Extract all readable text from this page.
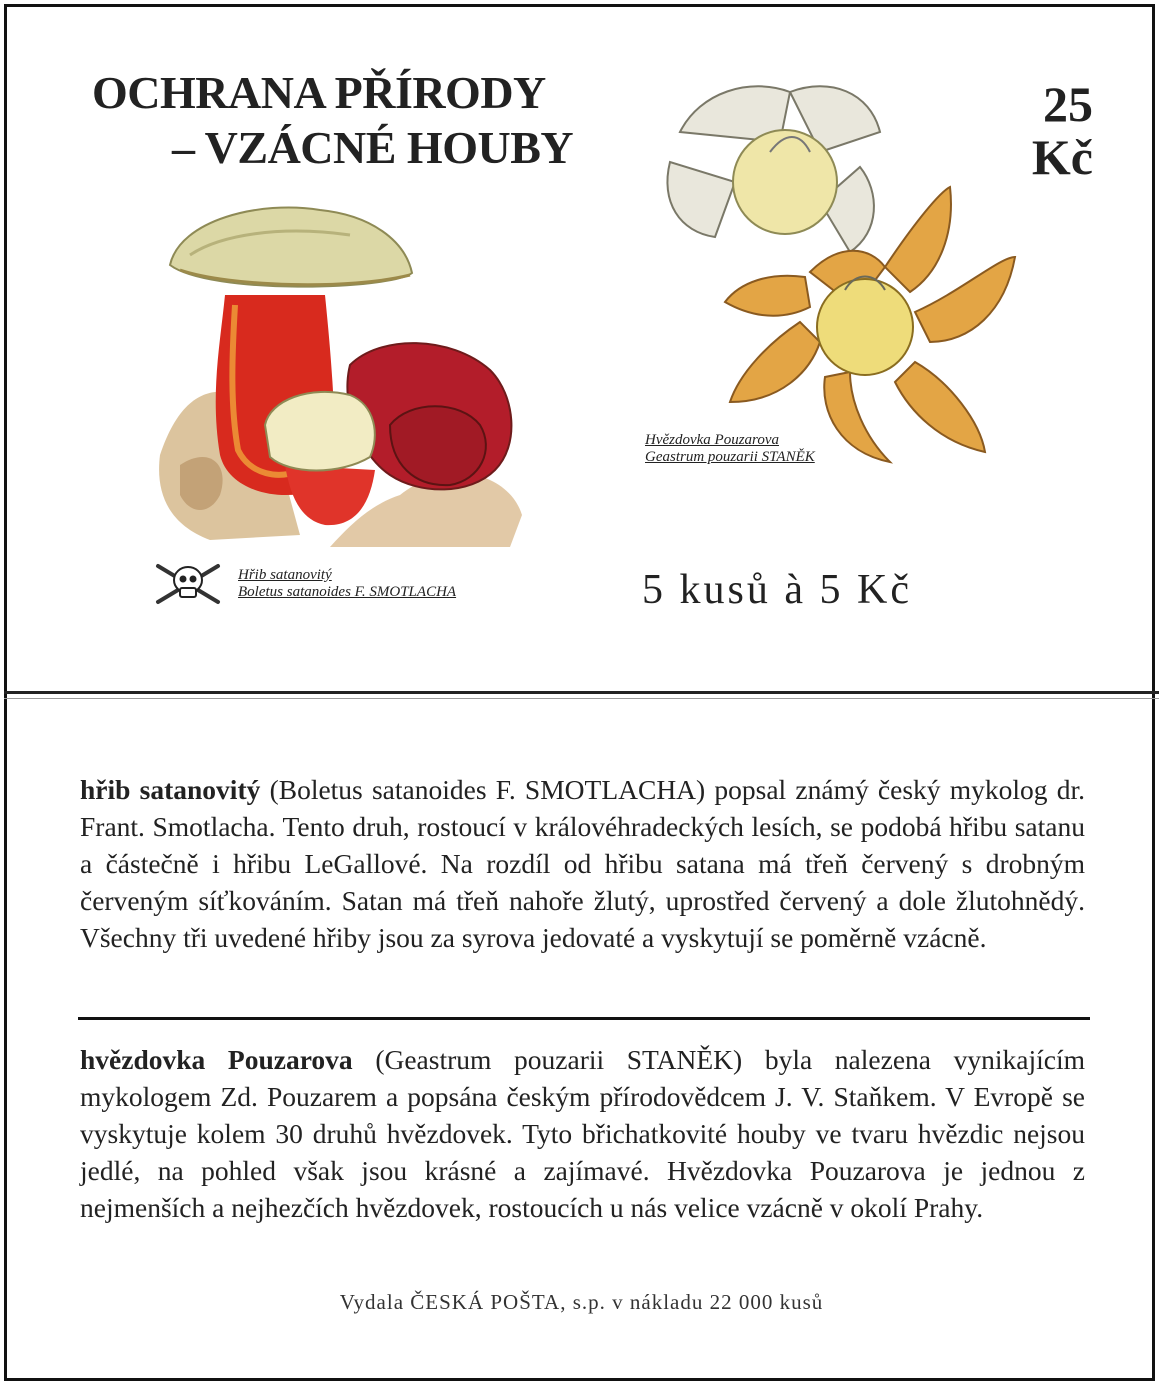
OCHRANA PŘÍRODY
– VZÁCNÉ HOUBY
25
Kč
Hřib satanovitý
Boletus satanoides F. SMOTLACHA
Hvězdovka Pouzarova
Geastrum pouzarii STANĚK
5 kusů à 5 Kč
hřib satanovitý (Boletus satanoides F. SMOTLACHA) popsal známý český mykolog dr. Frant. Smotlacha. Tento druh, rostoucí v královéhradeckých lesích, se podobá hřibu satanu a částečně i hřibu LeGallové. Na rozdíl od hřibu satana má třeň červený s drobným červeným síťkováním. Satan má třeň nahoře žlutý, uprostřed červený a dole žlutohnědý. Všechny tři uvedené hřiby jsou za syrova jedovaté a vyskytují se poměrně vzácně.
hvězdovka Pouzarova (Geastrum pouzarii STANĚK) byla nalezena vynikajícím mykologem Zd. Pouzarem a popsána českým přírodovědcem J. V. Staňkem. V Evropě se vyskytuje kolem 30 druhů hvězdovek. Tyto břichatkovité houby ve tvaru hvězdic nejsou jedlé, na pohled však jsou krásné a zajímavé. Hvězdovka Pouzarova je jednou z nejmenších a nejhezčích hvězdovek, rostoucích u nás velice vzácně v okolí Prahy.
Vydala ČESKÁ POŠTA, s.p. v nákladu 22 000 kusů
